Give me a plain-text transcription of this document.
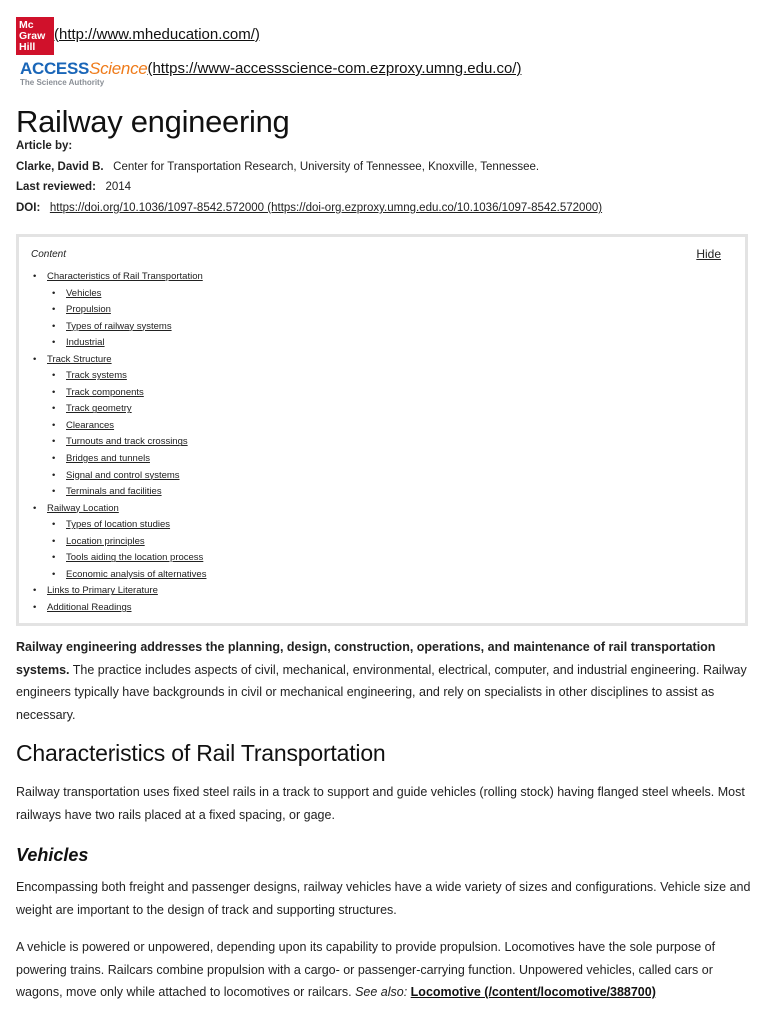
Mc
Graw
Hill
(http://www.mheducation.com/)
ACCESSScience
The Science Authority
(https://www-accessscience-com.ezproxy.umng.edu.co/)
Railway engineering
Article by:
Clarke, David B. Center for Transportation Research, University of Tennessee, Knoxville, Tennessee.
Last reviewed: 2014
DOI: https://doi.org/10.1036/1097-8542.572000 (https://doi-org.ezproxy.umng.edu.co/10.1036/1097-8542.572000)
Content	Hide
• Characteristics of Rail Transportation
• Vehicles
• Propulsion
• Types of railway systems
• Industrial
• Track Structure
• Track systems
• Track components
• Track geometry
• Clearances
• Turnouts and track crossings
• Bridges and tunnels
• Signal and control systems
• Terminals and facilities
• Railway Location
• Types of location studies
• Location principles
• Tools aiding the location process
• Economic analysis of alternatives
• Links to Primary Literature
• Additional Readings

Railway engineering addresses the planning, design, construction, operations, and maintenance of rail transportation systems. The practice includes aspects of civil, mechanical, environmental, electrical, computer, and industrial engineering. Railway engineers typically have backgrounds in civil or mechanical engineering, and rely on specialists in other disciplines to assist as necessary.

Characteristics of Rail Transportation

Railway transportation uses fixed steel rails in a track to support and guide vehicles (rolling stock) having flanged steel wheels. Most railways have two rails placed at a fixed spacing, or gage.

Vehicles

Encompassing both freight and passenger designs, railway vehicles have a wide variety of sizes and configurations. Vehicle size and weight are important to the design of track and supporting structures.

A vehicle is powered or unpowered, depending upon its capability to provide propulsion. Locomotives have the sole purpose of powering trains. Railcars combine propulsion with a cargo- or passenger-carrying function. Unpowered vehicles, called cars or wagons, move only while attached to locomotives or railcars. See also: Locomotive (/content/locomotive/388700)
